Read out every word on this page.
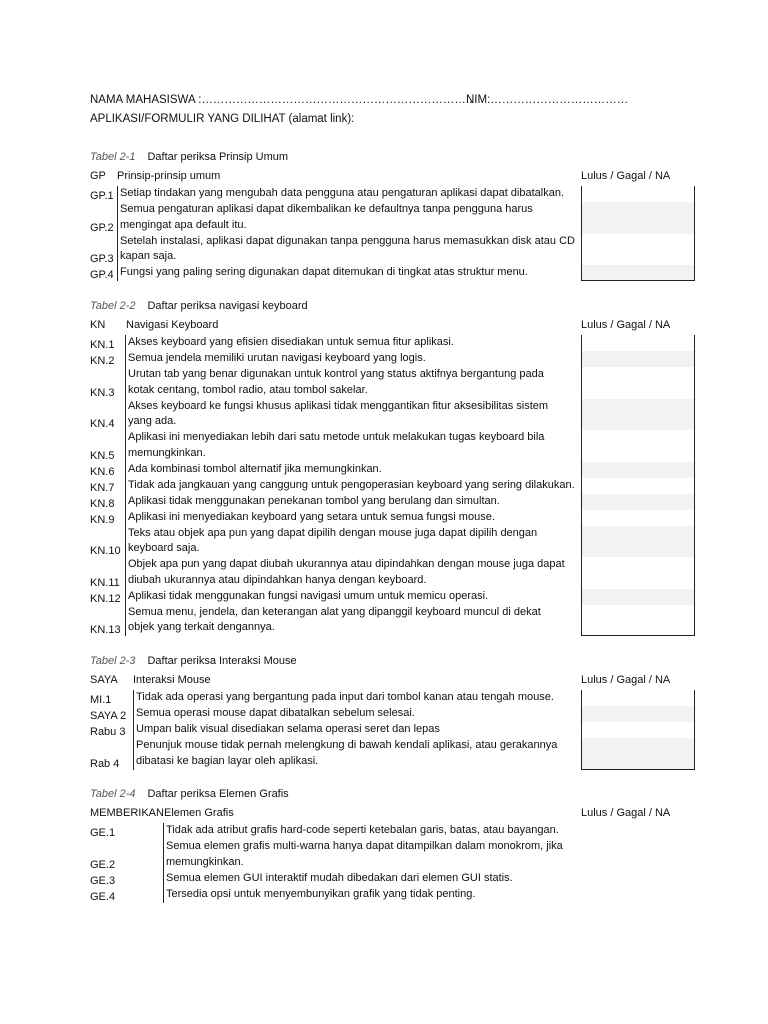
NAMA MAHASISWA :……………………………………………………………..
NIM:………………………………
APLIKASI/FORMULIR YANG DILIHAT (alamat link):
Tabel 2-1 Daftar periksa Prinsip Umum
GP Prinsip-prinsip umum	Lulus / Gagal / NA
GP.1 Setiap tindakan yang mengubah data pengguna atau pengaturan aplikasi dapat dibatalkan.
GP.2
Semua pengaturan aplikasi dapat dikembalikan ke defaultnya tanpa pengguna harus
mengingat apa default itu.
GP.3
Setelah instalasi, aplikasi dapat digunakan tanpa pengguna harus memasukkan disk atau CD
kapan saja.
GP.4 Fungsi yang paling sering digunakan dapat ditemukan di tingkat atas struktur menu.
Tabel 2-2 Daftar periksa navigasi keyboard
KN Navigasi Keyboard	Lulus / Gagal / NA
KN.1 Akses keyboard yang efisien disediakan untuk semua fitur aplikasi.
KN.2 Semua jendela memiliki urutan navigasi keyboard yang logis.
KN.3
Urutan tab yang benar digunakan untuk kontrol yang status aktifnya bergantung pada
kotak centang, tombol radio, atau tombol sakelar.
KN.4
Akses keyboard ke fungsi khusus aplikasi tidak menggantikan fitur aksesibilitas sistem
yang ada.
KN.5
Aplikasi ini menyediakan lebih dari satu metode untuk melakukan tugas keyboard bila
memungkinkan.
KN.6 Ada kombinasi tombol alternatif jika memungkinkan.
KN.7 Tidak ada jangkauan yang canggung untuk pengoperasian keyboard yang sering dilakukan.
KN.8 Aplikasi tidak menggunakan penekanan tombol yang berulang dan simultan.
KN.9 Aplikasi ini menyediakan keyboard yang setara untuk semua fungsi mouse.
KN.10
Teks atau objek apa pun yang dapat dipilih dengan mouse juga dapat dipilih dengan
keyboard saja.
KN.11
Objek apa pun yang dapat diubah ukurannya atau dipindahkan dengan mouse juga dapat
diubah ukurannya atau dipindahkan hanya dengan keyboard.
KN.12 Aplikasi tidak menggunakan fungsi navigasi umum untuk memicu operasi.
KN.13
Semua menu, jendela, dan keterangan alat yang dipanggil keyboard muncul di dekat
objek yang terkait dengannya.
Tabel 2-3 Daftar periksa Interaksi Mouse
SAYA Interaksi Mouse	Lulus / Gagal / NA
MI.1 Tidak ada operasi yang bergantung pada input dari tombol kanan atau tengah mouse.
SAYA 2 Semua operasi mouse dapat dibatalkan sebelum selesai.
Rabu 3 Umpan balik visual disediakan selama operasi seret dan lepas
Rab 4
Penunjuk mouse tidak pernah melengkung di bawah kendali aplikasi, atau gerakannya
dibatasi ke bagian layar oleh aplikasi.
Tabel 2-4 Daftar periksa Elemen Grafis
MEMBERIKAN Elemen Grafis	Lulus / Gagal / NA
GE.1	Tidak ada atribut grafis hard-code seperti ketebalan garis, batas, atau bayangan.
GE.2
Semua elemen grafis multi-warna hanya dapat ditampilkan dalam monokrom, jika
memungkinkan.
GE.3	Semua elemen GUI interaktif mudah dibedakan dari elemen GUI statis.
GE.4	Tersedia opsi untuk menyembunyikan grafik yang tidak penting.
